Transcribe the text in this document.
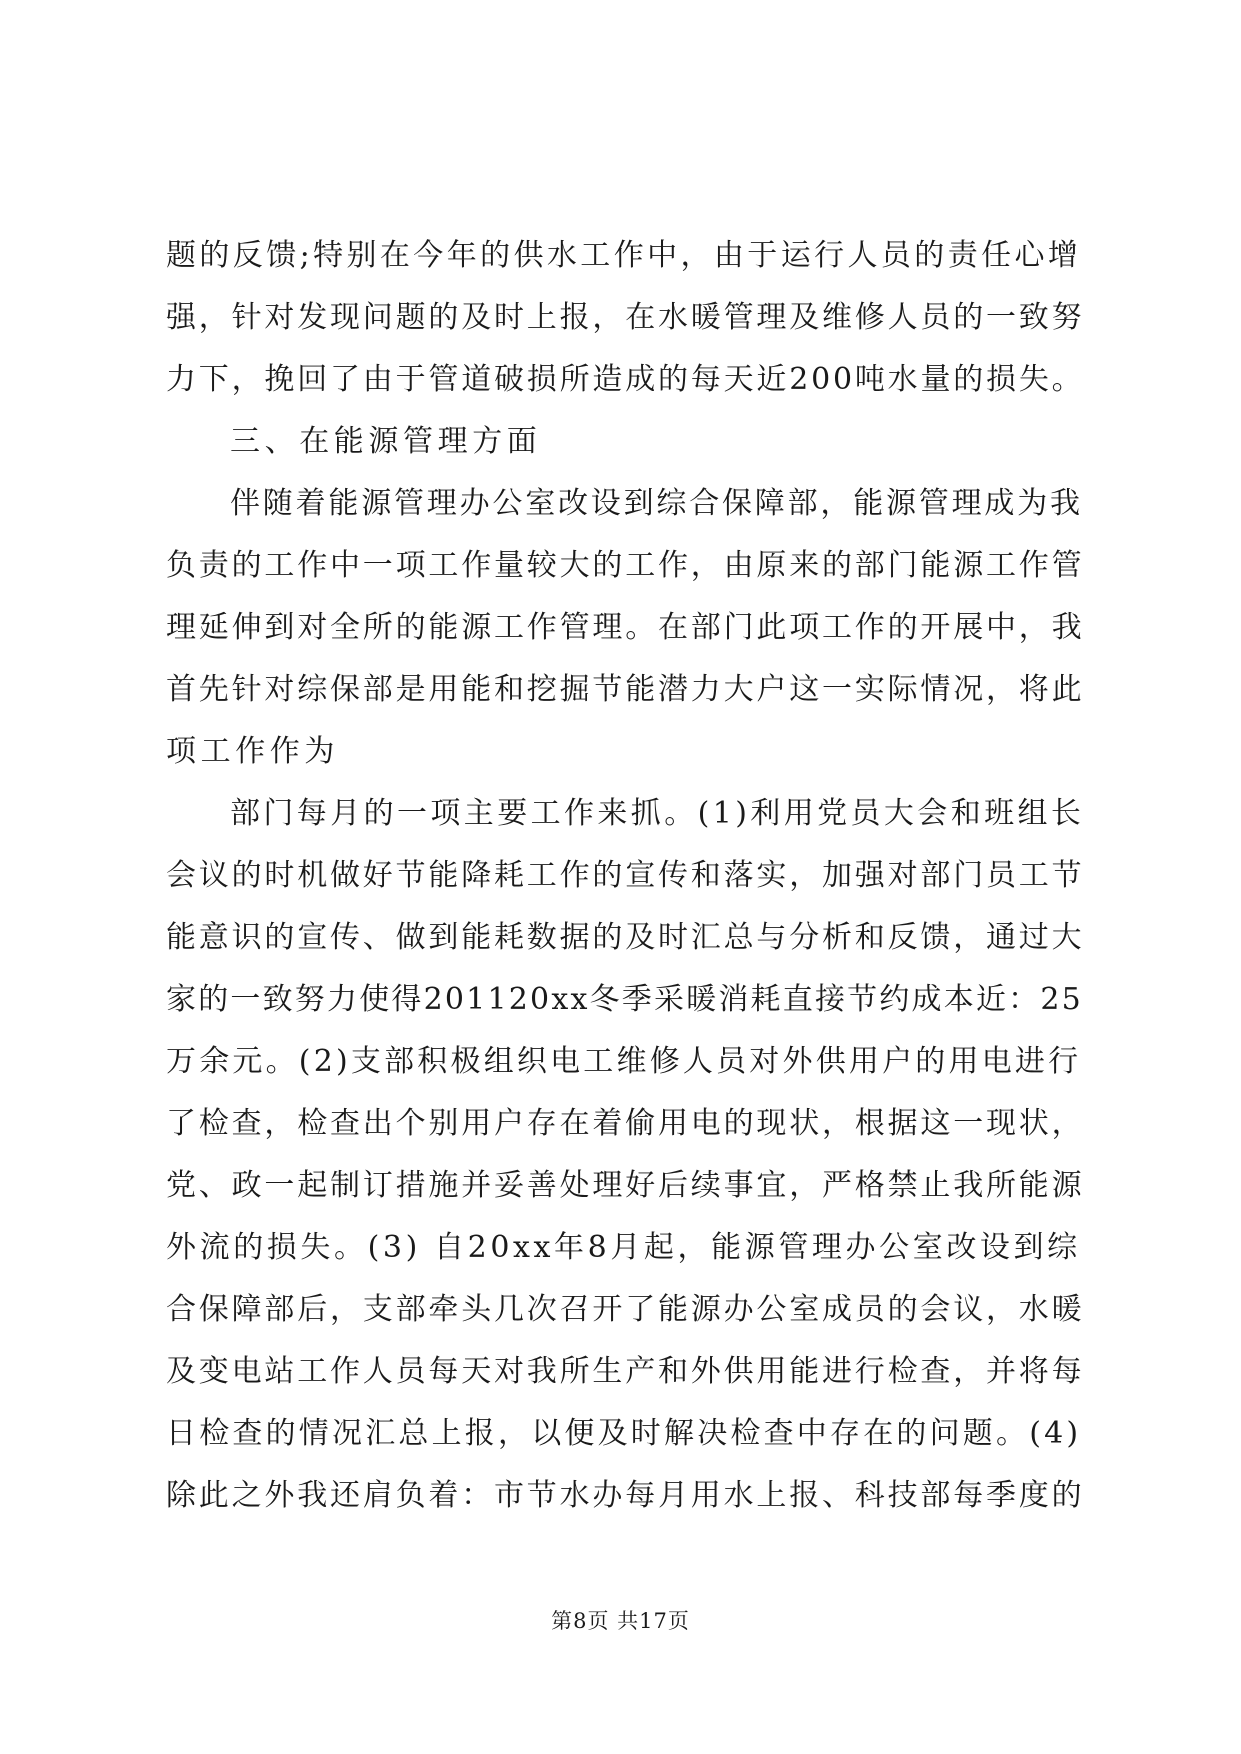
题的反馈;特别在今年的供水工作中，由于运行人员的责任心增
强，针对发现问题的及时上报，在水暖管理及维修人员的一致努
力下，挽回了由于管道破损所造成的每天近200吨水量的损失。
三、在能源管理方面
伴随着能源管理办公室改设到综合保障部，能源管理成为我
负责的工作中一项工作量较大的工作，由原来的部门能源工作管
理延伸到对全所的能源工作管理。在部门此项工作的开展中，我
首先针对综保部是用能和挖掘节能潜力大户这一实际情况，将此
项工作作为
部门每月的一项主要工作来抓。(1)利用党员大会和班组长
会议的时机做好节能降耗工作的宣传和落实，加强对部门员工节
能意识的宣传、做到能耗数据的及时汇总与分析和反馈，通过大
家的一致努力使得201120xx冬季采暖消耗直接节约成本近：25
万余元。(2)支部积极组织电工维修人员对外供用户的用电进行
了检查，检查出个别用户存在着偷用电的现状，根据这一现状，
党、政一起制订措施并妥善处理好后续事宜，严格禁止我所能源
外流的损失。(3) 自20xx年8月起，能源管理办公室改设到综
合保障部后，支部牵头几次召开了能源办公室成员的会议，水暖
及变电站工作人员每天对我所生产和外供用能进行检查，并将每
日检查的情况汇总上报，以便及时解决检查中存在的问题。(4)
除此之外我还肩负着：市节水办每月用水上报、科技部每季度的
第8页 共17页
